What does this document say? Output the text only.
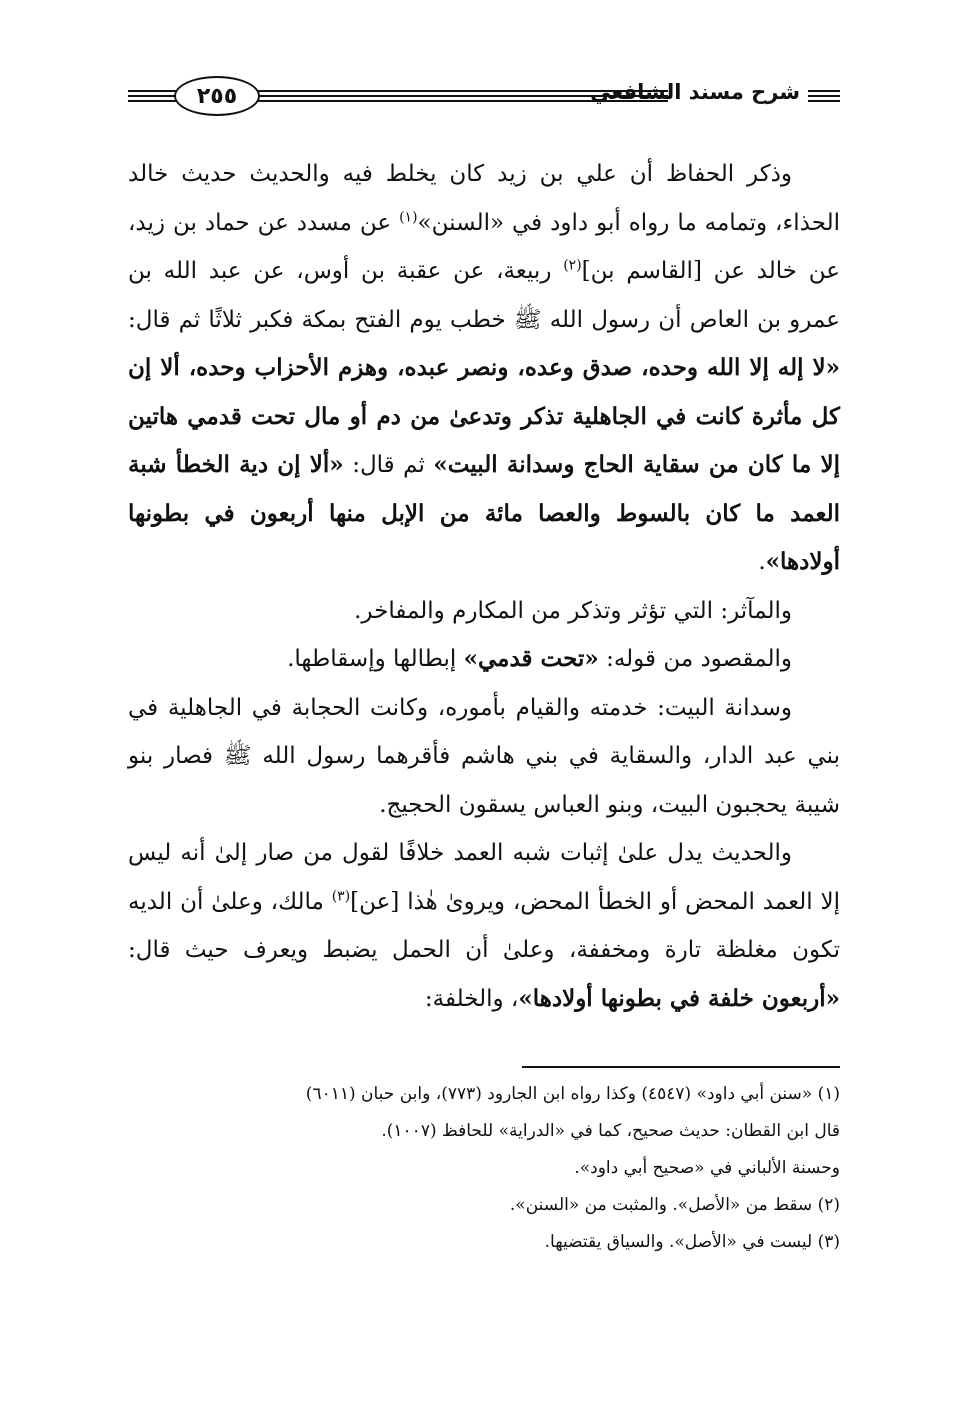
٢٥٥	شرح مسند الشافعي

وذكر الحفاظ أن علي بن زيد كان يخلط فيه والحديث حديث خالد الحذاء، وتمامه ما رواه أبو داود في «السنن»$^{(١)}$ عن مسدد عن حماد بن زيد، عن خالد عن [القاسم بن]$^{(٢)}$ ربيعة، عن عقبة بن أوس، عن عبد الله بن عمرو بن العاص أن رسول الله ﷺ خطب يوم الفتح بمكة فكبر ثلاثًا ثم قال: «لا إله إلا الله وحده، صدق وعده، ونصر عبده، وهزم الأحزاب وحده، ألا إن كل مأثرة كانت في الجاهلية تذكر وتدعىٰ من دم أو مال تحت قدمي هاتين إلا ما كان من سقاية الحاج وسدانة البيت» ثم قال: «ألا إن دية الخطأ شبة العمد ما كان بالسوط والعصا مائة من الإبل منها أربعون في بطونها أولادها».

والمآثر: التي تؤثر وتذكر من المكارم والمفاخر.

والمقصود من قوله: «تحت قدمي» إبطالها وإسقاطها.

وسدانة البيت: خدمته والقيام بأموره، وكانت الحجابة في الجاهلية في بني عبد الدار، والسقاية في بني هاشم فأقرهما رسول الله ﷺ فصار بنو شيبة يحجبون البيت، وبنو العباس يسقون الحجيج.

والحديث يدل علىٰ إثبات شبه العمد خلافًا لقول من صار إلىٰ أنه ليس إلا العمد المحض أو الخطأ المحض، ويروىٰ هٰذا [عن]$^{(٣)}$ مالك، وعلىٰ أن الديه تكون مغلظة تارة ومخففة، وعلىٰ أن الحمل يضبط ويعرف حيث قال: «أربعون خلفة في بطونها أولادها»، والخلفة:

(١) «سنن أبي داود» (٤٥٤٧) وكذا رواه ابن الجارود (٧٧٣)، وابن حبان (٦٠١١)

قال ابن القطان: حديث صحيح، كما في «الدراية» للحافظ (١٠٠٧).

وحسنة الألباني في «صحيح أبي داود».

(٢) سقط من «الأصل». والمثبت من «السنن».

(٣) ليست في «الأصل». والسياق يقتضيها.
